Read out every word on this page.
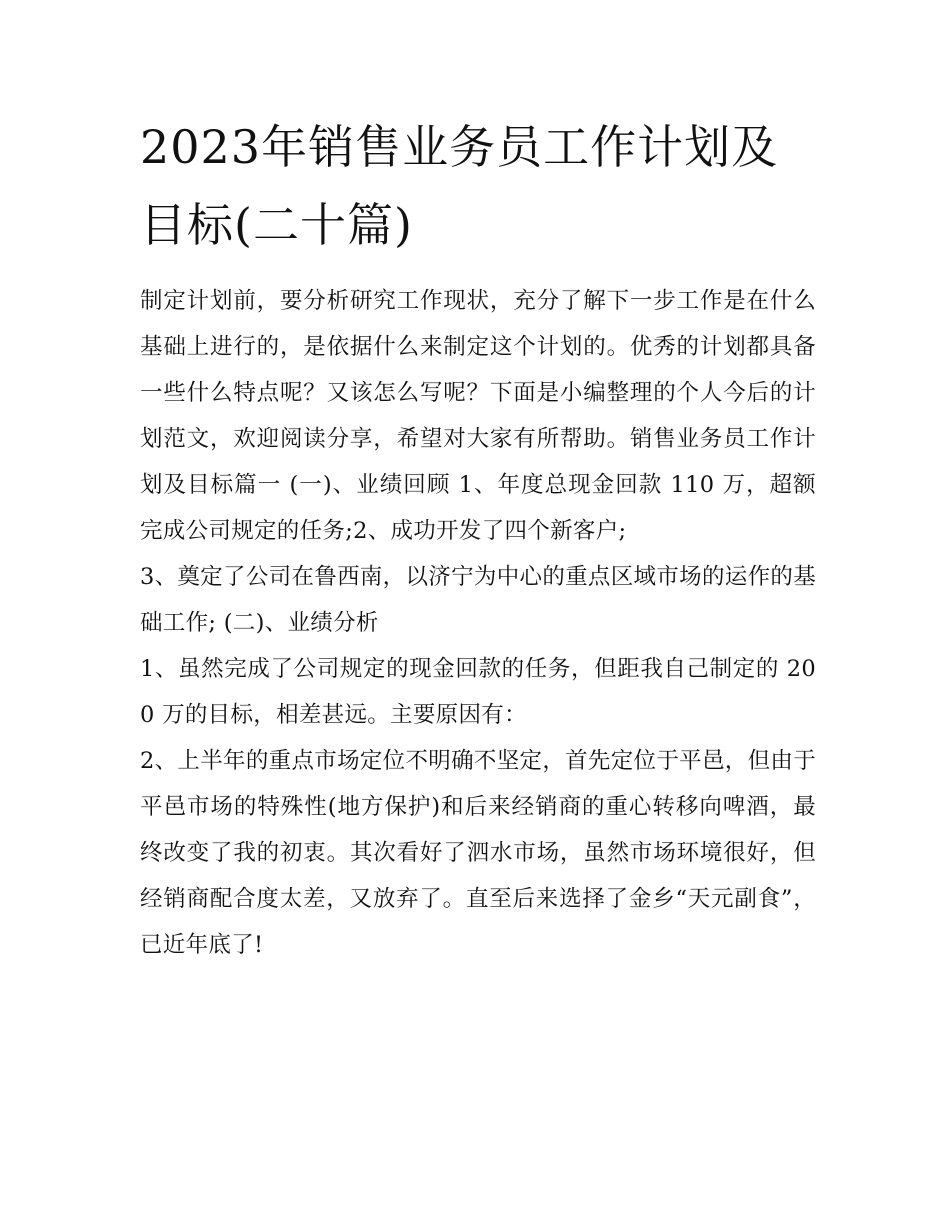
2023年销售业务员工作计划及目标(二十篇)

制定计划前，要分析研究工作现状，充分了解下一步工作是在什么基础上进行的，是依据什么来制定这个计划的。优秀的计划都具备一些什么特点呢？又该怎么写呢？下面是小编整理的个人今后的计划范文，欢迎阅读分享，希望对大家有所帮助。销售业务员工作计划及目标篇一 (一)、业绩回顾 1、年度总现金回款 110 万，超额完成公司规定的任务;2、成功开发了四个新客户;

3、奠定了公司在鲁西南，以济宁为中心的重点区域市场的运作的基础工作; (二)、业绩分析

1、虽然完成了公司规定的现金回款的任务，但距我自己制定的 200 万的目标，相差甚远。主要原因有：

2、上半年的重点市场定位不明确不坚定，首先定位于平邑，但由于平邑市场的特殊性(地方保护)和后来经销商的重心转移向啤酒，最终改变了我的初衷。其次看好了泗水市场，虽然市场环境很好，但经销商配合度太差，又放弃了。直至后来选择了金乡“天元副食”，已近年底了!
